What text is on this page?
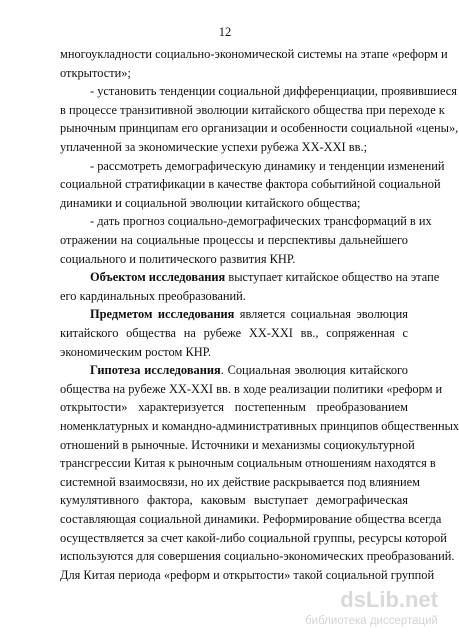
12
многоукладности социально-экономической системы на этапе «реформ и
открытости»;
- установить тенденции социальной дифференциации, проявившиеся
в процессе транзитивной эволюции китайского общества при переходе к
рыночным принципам его организации и особенности социальной «цены»,
уплаченной за экономические успехи рубежа XX-XXI вв.;
- рассмотреть демографическую динамику и тенденции изменений
социальной стратификации в качестве фактора событийной социальной
динамики и социальной эволюции китайского общества;
- дать прогноз социально-демографических трансформаций в их
отражении на социальные процессы и перспективы дальнейшего
социального и политического развития КНР.
Объектом исследования выступает китайское общество на этапе
его кардинальных преобразований.
Предметом исследования является социальная эволюция
китайского общества на рубеже XX-XXI вв., сопряженная с
экономическим ростом КНР.
Гипотеза исследования. Социальная эволюция китайского
общества на рубеже XX-XXI вв. в ходе реализации политики «реформ и
открытости» характеризуется постепенным преобразованием
номенклатурных и командно-административных принципов общественных
отношений в рыночные. Источники и механизмы социокультурной
трансгрессии Китая к рыночным социальным отношениям находятся в
системной взаимосвязи, но их действие раскрывается под влиянием
кумулятивного фактора, каковым выступает демографическая
составляющая социальной динамики. Реформирование общества всегда
осуществляется за счет какой-либо социальной группы, ресурсы которой
используются для совершения социально-экономических преобразований.
Для Китая периода «реформ и открытости» такой социальной группой
dsLib.net
библиотека диссертаций
